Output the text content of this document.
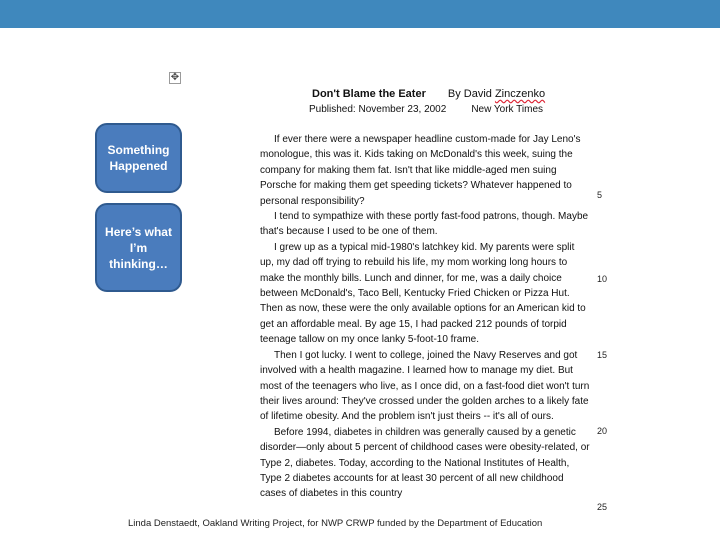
✥
Something Happened
Here’s what I’m thinking…
Don't Blame the Eater By David Zinczenko
Published: November 23, 2002	New York Times

If ever there were a newspaper headline custom-made for Jay Leno's monologue, this was it. Kids taking on McDonald's this week, suing the company for making them fat. Isn't that like middle-aged men suing Porsche for making them get speeding tickets? Whatever happened to personal responsibility?

I tend to sympathize with these portly fast-food patrons, though. Maybe that's because I used to be one of them.

I grew up as a typical mid-1980's latchkey kid. My parents were split up, my dad off trying to rebuild his life, my mom working long hours to make the monthly bills. Lunch and dinner, for me, was a daily choice between McDonald's, Taco Bell, Kentucky Fried Chicken or Pizza Hut. Then as now, these were the only available options for an American kid to get an affordable meal. By age 15, I had packed 212 pounds of torpid teenage tallow on my once lanky 5-foot-10 frame.

Then I got lucky. I went to college, joined the Navy Reserves and got involved with a health magazine. I learned how to manage my diet. But most of the teenagers who live, as I once did, on a fast-food diet won't turn their lives around: They've crossed under the golden arches to a likely fate of lifetime obesity. And the problem isn't just theirs -- it's all of ours.

Before 1994, diabetes in children was generally caused by a genetic disorder—only about 5 percent of childhood cases were obesity-related, or Type 2, diabetes. Today, according to the National Institutes of Health, Type 2 diabetes accounts for at least 30 percent of all new childhood cases of diabetes in this country

5
10
15
20
25
Linda Denstaedt, Oakland Writing Project, for NWP CRWP funded by the Department of Education
